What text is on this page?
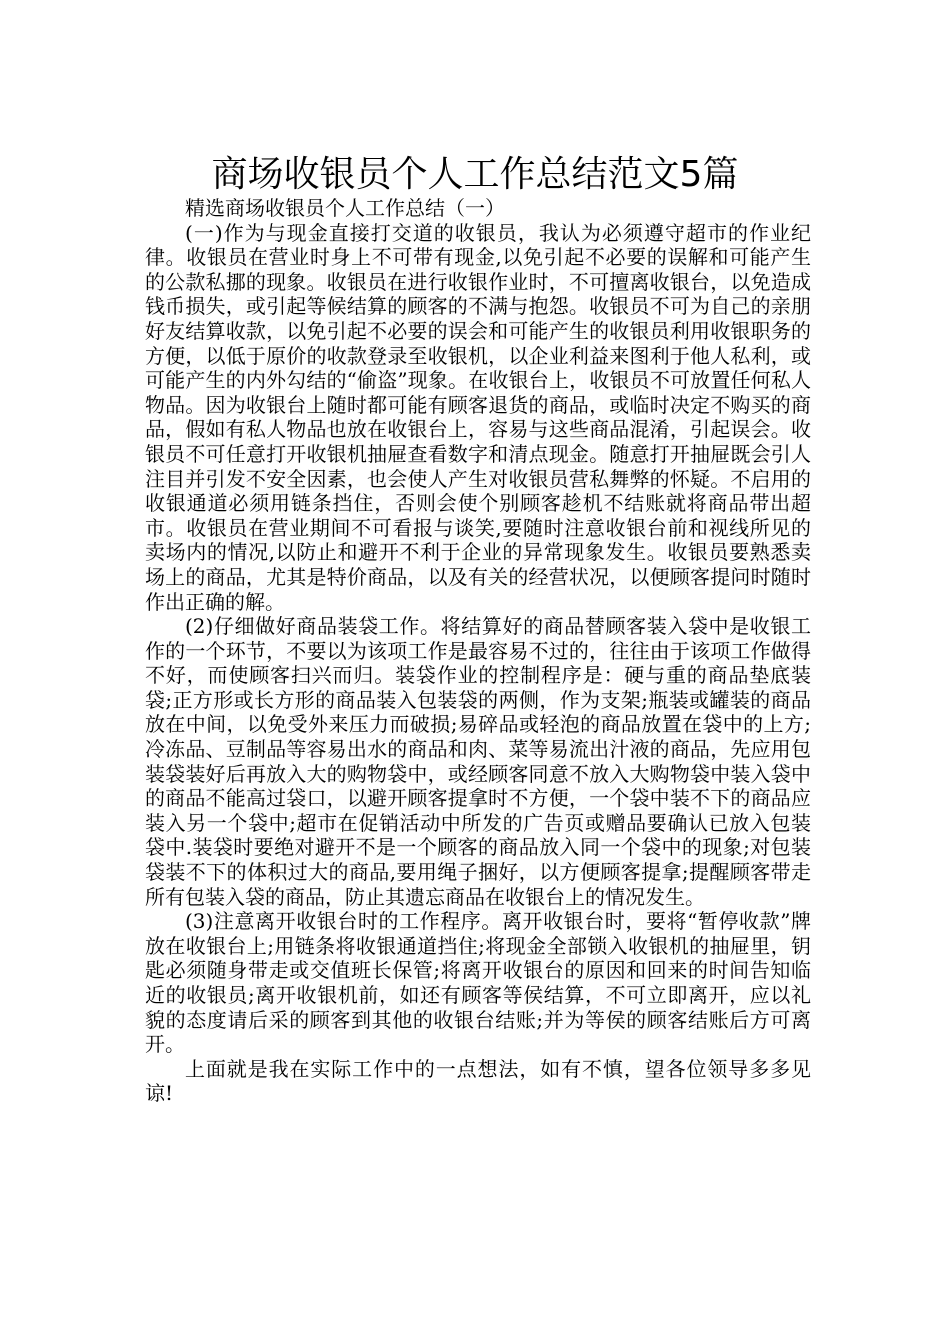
商场收银员个人工作总结范文5篇

精选商场收银员个人工作总结（一）

(一)作为与现金直接打交道的收银员，我认为必须遵守超市的作业纪律。收银员在营业时身上不可带有现金,以免引起不必要的误解和可能产生的公款私挪的现象。收银员在进行收银作业时，不可擅离收银台，以免造成钱币损失，或引起等候结算的顾客的不满与抱怨。收银员不可为自己的亲朋好友结算收款，以免引起不必要的误会和可能产生的收银员利用收银职务的方便，以低于原价的收款登录至收银机，以企业利益来图利于他人私利，或可能产生的内外勾结的“偷盗”现象。在收银台上，收银员不可放置任何私人物品。因为收银台上随时都可能有顾客退货的商品，或临时决定不购买的商品，假如有私人物品也放在收银台上，容易与这些商品混淆，引起误会。收银员不可任意打开收银机抽屉查看数字和清点现金。随意打开抽屉既会引人注目并引发不安全因素，也会使人产生对收银员营私舞弊的怀疑。不启用的收银通道必须用链条挡住，否则会使个别顾客趁机不结账就将商品带出超市。收银员在营业期间不可看报与谈笑,要随时注意收银台前和视线所见的卖场内的情况,以防止和避开不利于企业的异常现象发生。收银员要熟悉卖场上的商品，尤其是特价商品，以及有关的经营状况，以便顾客提问时随时作出正确的解。

(2)仔细做好商品装袋工作。将结算好的商品替顾客装入袋中是收银工作的一个环节，不要以为该项工作是最容易不过的，往往由于该项工作做得不好，而使顾客扫兴而归。装袋作业的控制程序是：硬与重的商品垫底装袋;正方形或长方形的商品装入包装袋的两侧，作为支架;瓶装或罐装的商品放在中间，以免受外来压力而破损;易碎品或轻泡的商品放置在袋中的上方;冷冻品、豆制品等容易出水的商品和肉、菜等易流出汁液的商品，先应用包装袋装好后再放入大的购物袋中，或经顾客同意不放入大购物袋中装入袋中的商品不能高过袋口，以避开顾客提拿时不方便，一个袋中装不下的商品应装入另一个袋中;超市在促销活动中所发的广告页或赠品要确认已放入包装袋中.装袋时要绝对避开不是一个顾客的商品放入同一个袋中的现象;对包装袋装不下的体积过大的商品,要用绳子捆好，以方便顾客提拿;提醒顾客带走所有包装入袋的商品，防止其遗忘商品在收银台上的情况发生。

(3)注意离开收银台时的工作程序。离开收银台时，要将“暂停收款”牌放在收银台上;用链条将收银通道挡住;将现金全部锁入收银机的抽屉里，钥匙必须随身带走或交值班长保管;将离开收银台的原因和回来的时间告知临近的收银员;离开收银机前，如还有顾客等侯结算，不可立即离开，应以礼貌的态度请后采的顾客到其他的收银台结账;并为等侯的顾客结账后方可离开。

上面就是我在实际工作中的一点想法，如有不慎，望各位领导多多见谅!
